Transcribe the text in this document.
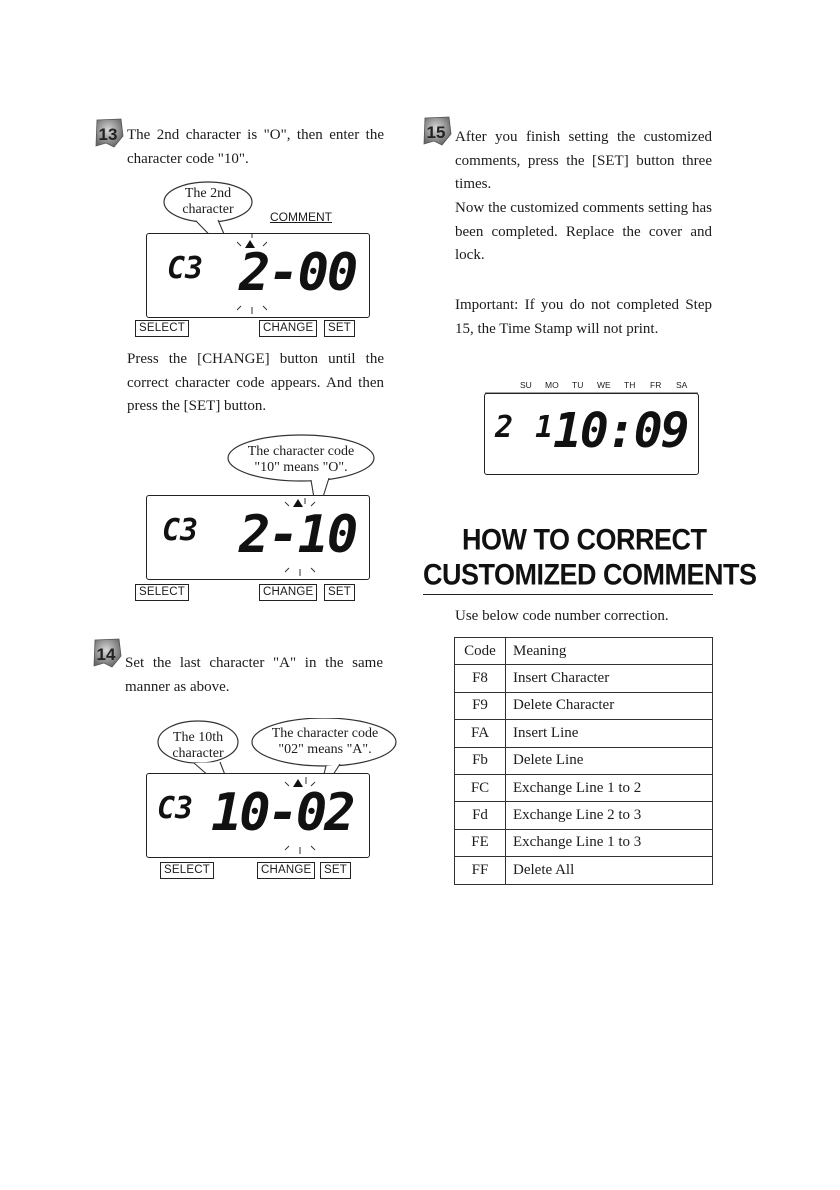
13 The 2nd character is "O", then enter the character code "10".
The 2nd character	COMMENT
C3 2-00
SELECT	CHANGE	SET
Press the [CHANGE] button until the correct character code appears. And then press the [SET] button.
The character code "10" means "O".
C3 2-10
SELECT	CHANGE	SET
14 Set the last character "A" in the same manner as above.
The 10th character
The character code "02" means "A".
C3 10-02
SELECT	CHANGE	SET
15 After you finish setting the customized comments, press the [SET] button three times.
Now the customized comments setting has been completed. Replace the cover and lock.
Important: If you do not completed Step 15, the Time Stamp will not print.
SU MO TU WE TH FR SA
2 1
10:09
HOW TO CORRECT
CUSTOMIZED COMMENTS
Use below code number correction.
Code	Meaning
F8	Insert Character
F9	Delete Character
FA	Insert Line
Fb	Delete Line
FC	Exchange Line 1 to 2
Fd	Exchange Line 2 to 3
FE	Exchange Line 1 to 3
FF	Delete All
